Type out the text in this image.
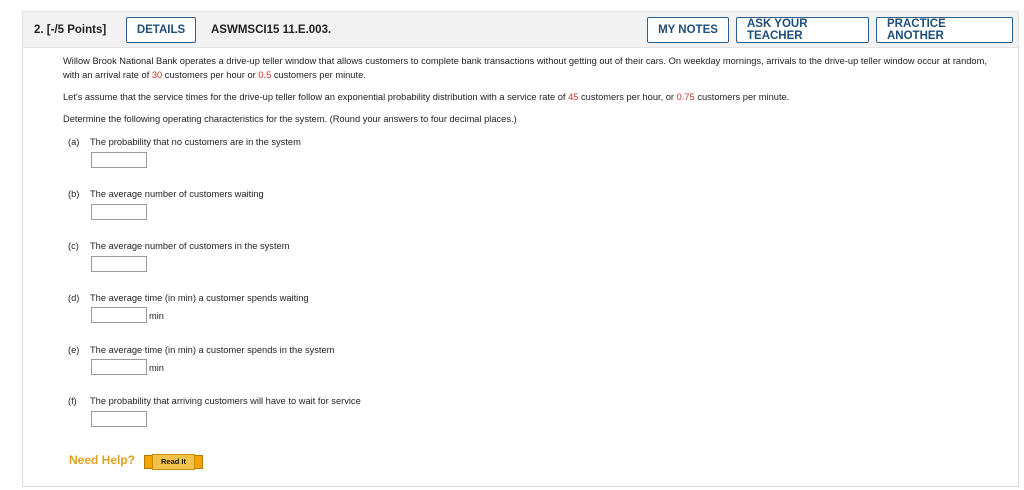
2. [-/5 Points]	DETAILS	ASWMSCI15 11.E.003.	MY NOTES	ASK YOUR TEACHER
PRACTICE ANOTHER

Willow Brook National Bank operates a drive-up teller window that allows customers to complete bank transactions without getting out of their cars. On weekday mornings, arrivals to the drive-up teller window occur at random, with an arrival rate of 30 customers per hour or 0.5 customers per minute.

Let's assume that the service times for the drive-up teller follow an exponential probability distribution with a service rate of 45 customers per hour, or 0.75 customers per minute.

Determine the following operating characteristics for the system. (Round your answers to four decimal places.)

(a) The probability that no customers are in the system
(b) The average number of customers waiting
(c) The average number of customers in the system
(d) The average time (in min) a customer spends waiting
min
(e) The average time (in min) a customer spends in the system
min
(f) The probability that arriving customers will have to wait for service
Need Help?	Read It
